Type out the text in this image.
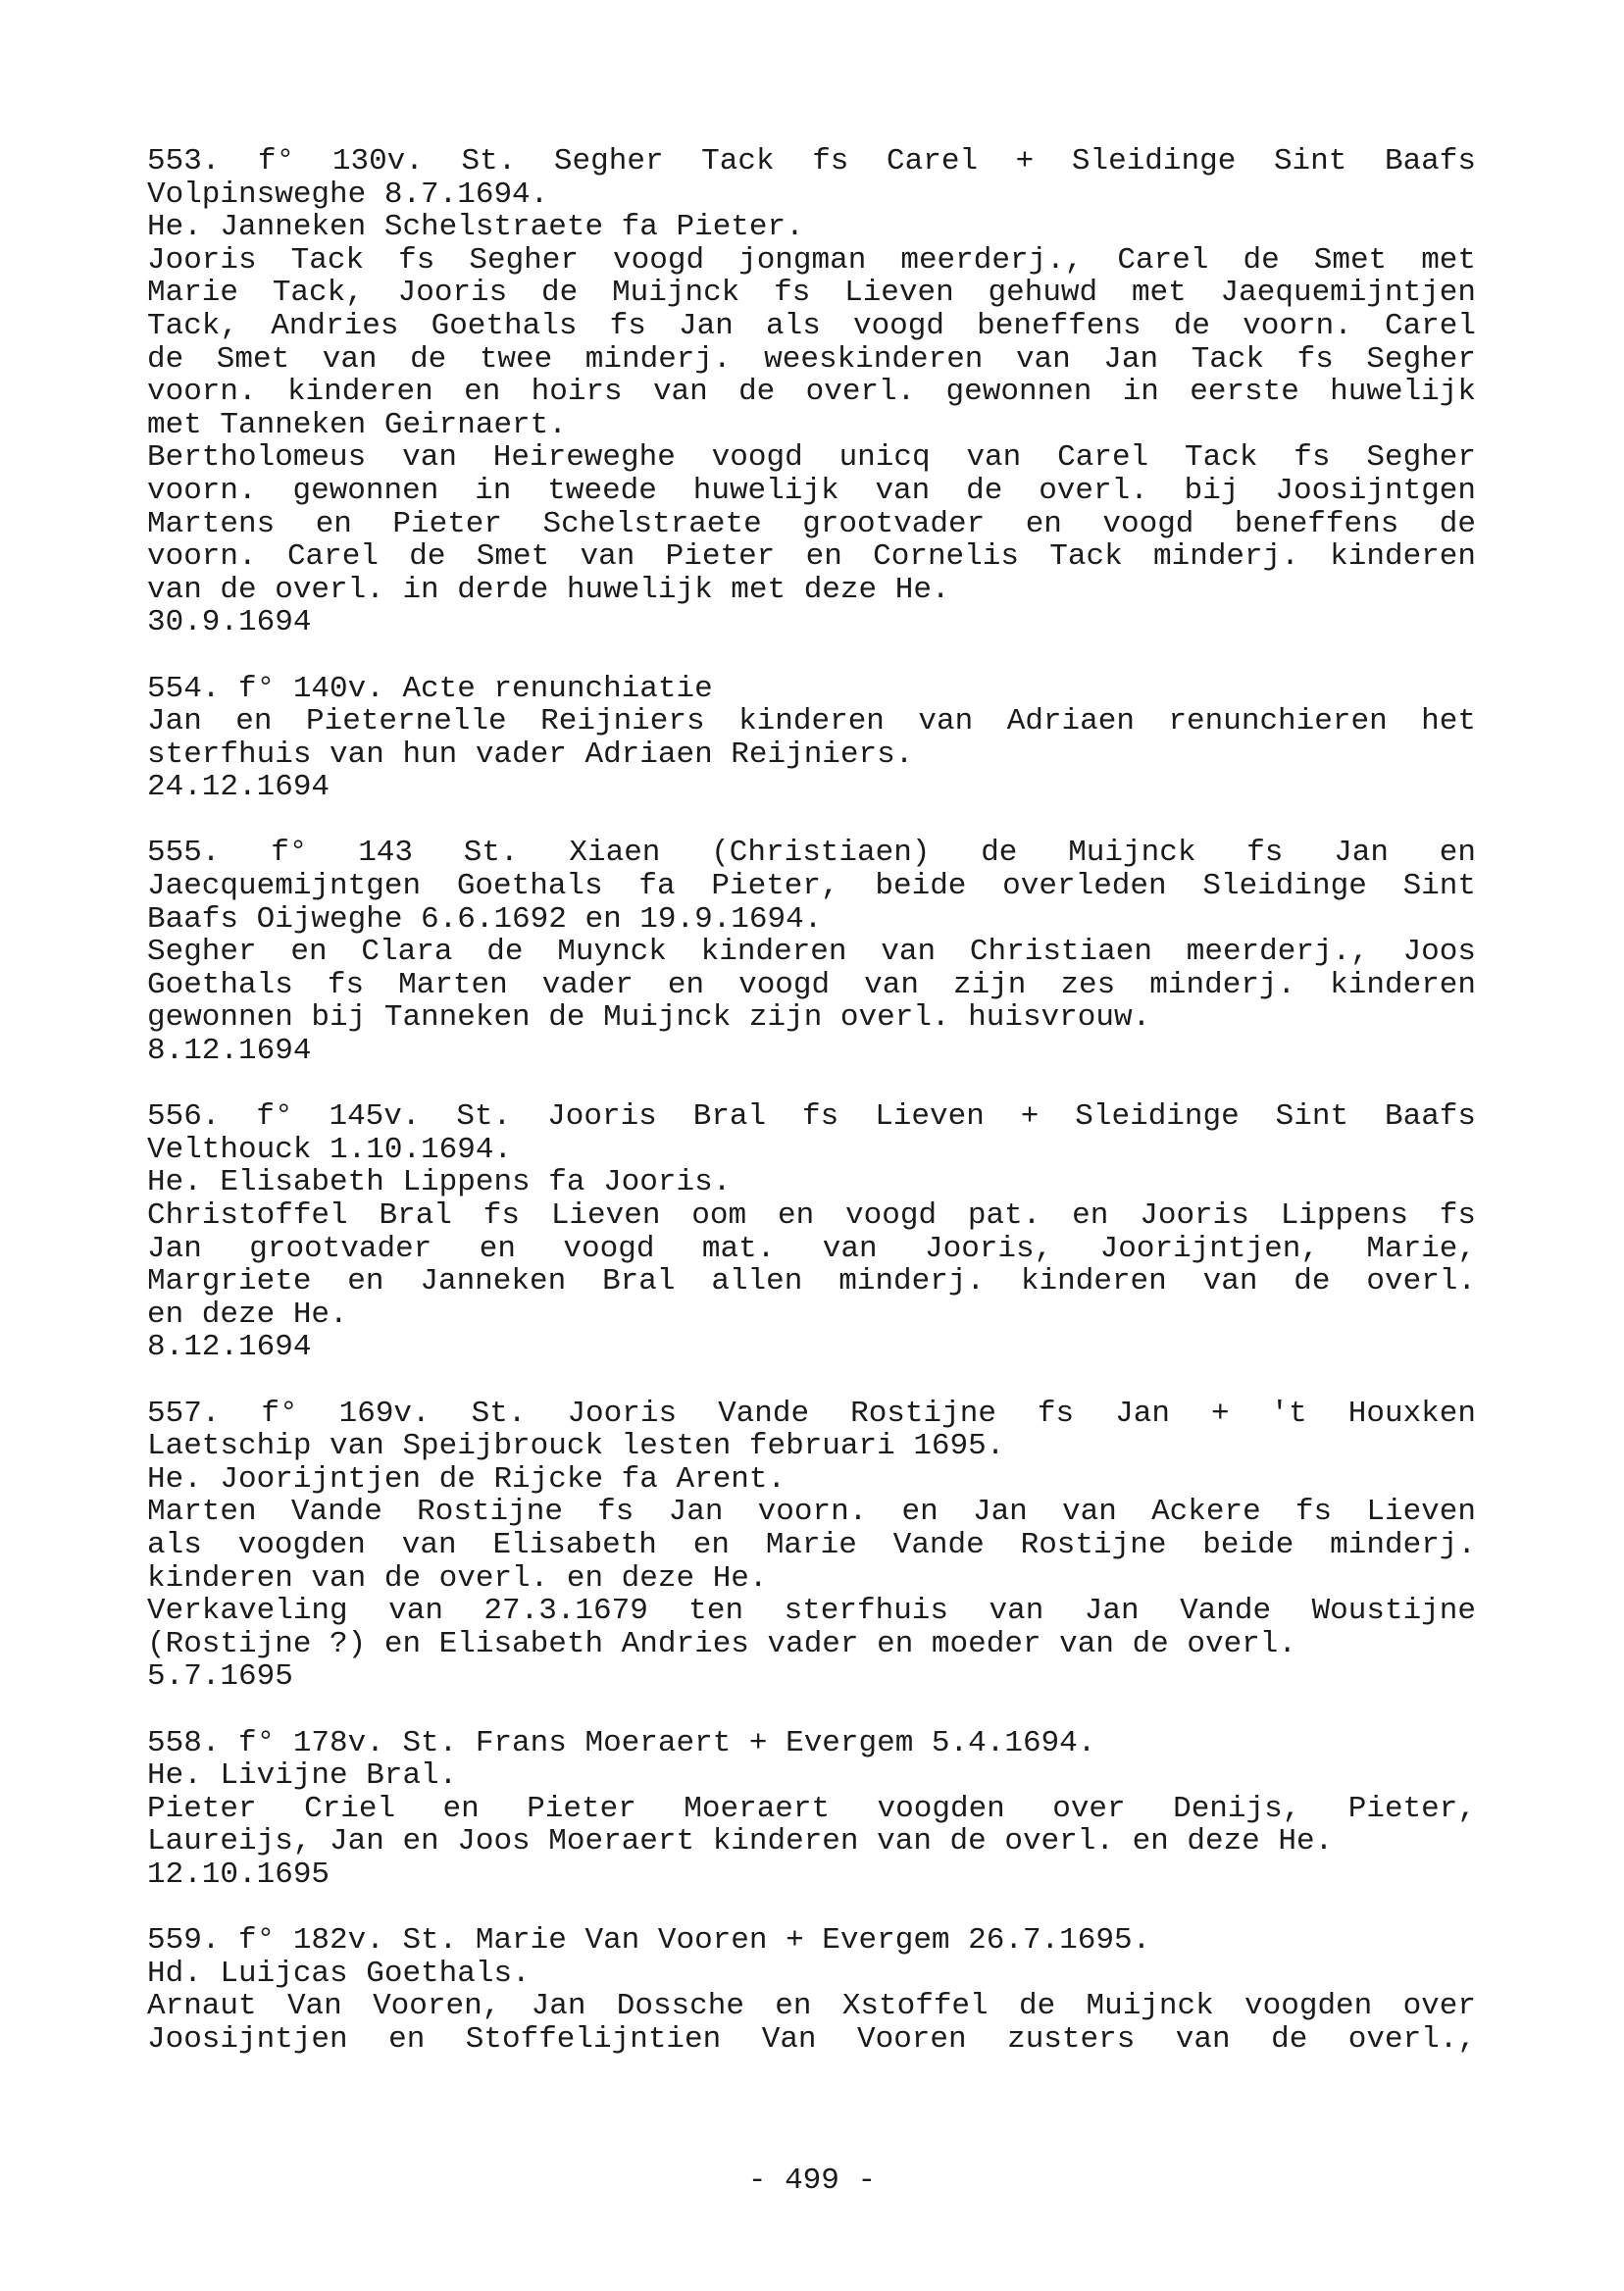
553. f° 130v. St. Segher Tack fs Carel + Sleidinge Sint Baafs
Volpinsweghe 8.7.1694.
He. Janneken Schelstraete fa Pieter.
Jooris Tack fs Segher voogd jongman meerderj., Carel de Smet met
Marie Tack, Jooris de Muijnck fs Lieven gehuwd met Jaequemijntjen
Tack, Andries Goethals fs Jan als voogd beneffens de voorn. Carel
de Smet van de twee minderj. weeskinderen van Jan Tack fs Segher
voorn. kinderen en hoirs van de overl. gewonnen in eerste huwelijk
met Tanneken Geirnaert.
Bertholomeus van Heireweghe voogd unicq van Carel Tack fs Segher
voorn. gewonnen in tweede huwelijk van de overl. bij Joosijntgen
Martens en Pieter Schelstraete grootvader en voogd beneffens de
voorn. Carel de Smet van Pieter en Cornelis Tack minderj. kinderen
van de overl. in derde huwelijk met deze He.
30.9.1694
554. f° 140v. Acte renunchiatie
Jan en Pieternelle Reijniers kinderen van Adriaen renunchieren het
sterfhuis van hun vader Adriaen Reijniers.
24.12.1694
555. f° 143 St. Xiaen (Christiaen) de Muijnck fs Jan en
Jaecquemijntgen Goethals fa Pieter, beide overleden Sleidinge Sint
Baafs Oijweghe 6.6.1692 en 19.9.1694.
Segher en Clara de Muynck kinderen van Christiaen meerderj., Joos
Goethals fs Marten vader en voogd van zijn zes minderj. kinderen
gewonnen bij Tanneken de Muijnck zijn overl. huisvrouw.
8.12.1694
556. f° 145v. St. Jooris Bral fs Lieven + Sleidinge Sint Baafs
Velthouck 1.10.1694.
He. Elisabeth Lippens fa Jooris.
Christoffel Bral fs Lieven oom en voogd pat. en Jooris Lippens fs
Jan grootvader en voogd mat. van Jooris, Joorijntjen, Marie,
Margriete en Janneken Bral allen minderj. kinderen van de overl.
en deze He.
8.12.1694
557. f° 169v. St. Jooris Vande Rostijne fs Jan + 't Houxken
Laetschip van Speijbrouck lesten februari 1695.
He. Joorijntjen de Rijcke fa Arent.
Marten Vande Rostijne fs Jan voorn. en Jan van Ackere fs Lieven
als voogden van Elisabeth en Marie Vande Rostijne beide minderj.
kinderen van de overl. en deze He.
Verkaveling van 27.3.1679 ten sterfhuis van Jan Vande Woustijne
(Rostijne ?) en Elisabeth Andries vader en moeder van de overl.
5.7.1695
558. f° 178v. St. Frans Moeraert + Evergem 5.4.1694.
He. Livijne Bral.
Pieter Criel en Pieter Moeraert voogden over Denijs, Pieter,
Laureijs, Jan en Joos Moeraert kinderen van de overl. en deze He.
12.10.1695
559. f° 182v. St. Marie Van Vooren + Evergem 26.7.1695.
Hd. Luijcas Goethals.
Arnaut Van Vooren, Jan Dossche en Xstoffel de Muijnck voogden over
Joosijntjen en Stoffelijntien Van Vooren zusters van de overl.,
- 499 -
